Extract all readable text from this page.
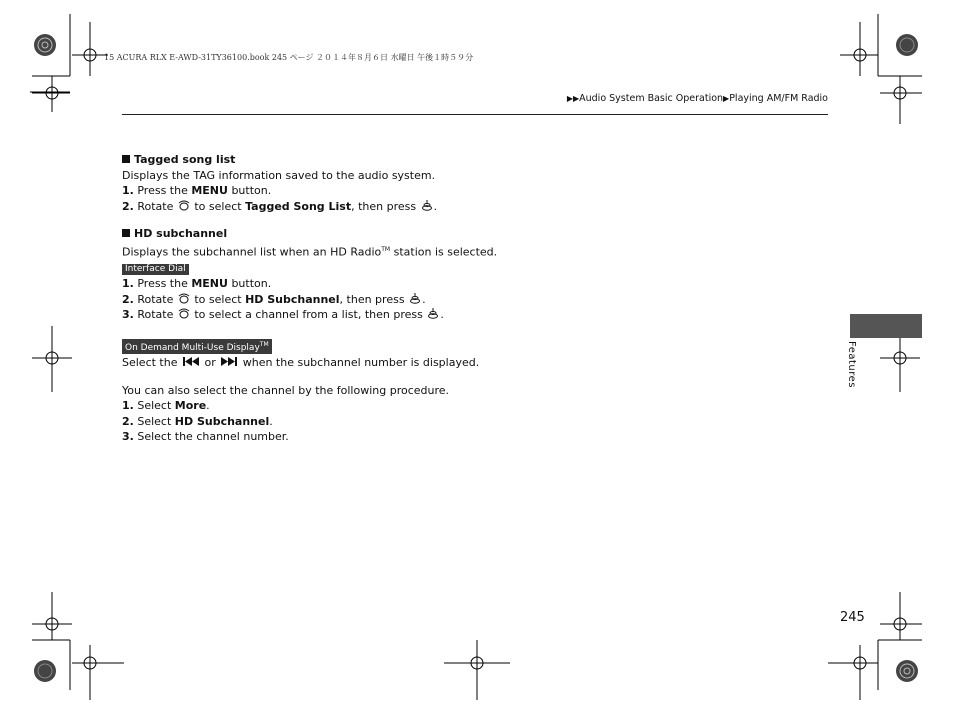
15 ACURA RLX E-AWD-31TY36100.book 245 ページ ２０１４年８月６日 水曜日 午後１時５９分
▶▶Audio System Basic Operation▶Playing AM/FM Radio

Tagged song list

Displays the TAG information saved to the audio system.

1. Press the MENU button.

2. Rotate  to select Tagged Song List, then press .

HD subchannel

Displays the subchannel list when an HD Radio™ station is selected.

Interface Dial

1. Press the MENU button.

2. Rotate  to select HD Subchannel, then press .

3. Rotate  to select a channel from a list, then press .

On Demand Multi-Use Display™

Select the  or  when the subchannel number is displayed.

You can also select the channel by the following procedure.

1. Select More.

2. Select HD Subchannel.

3. Select the channel number.

Features
245
